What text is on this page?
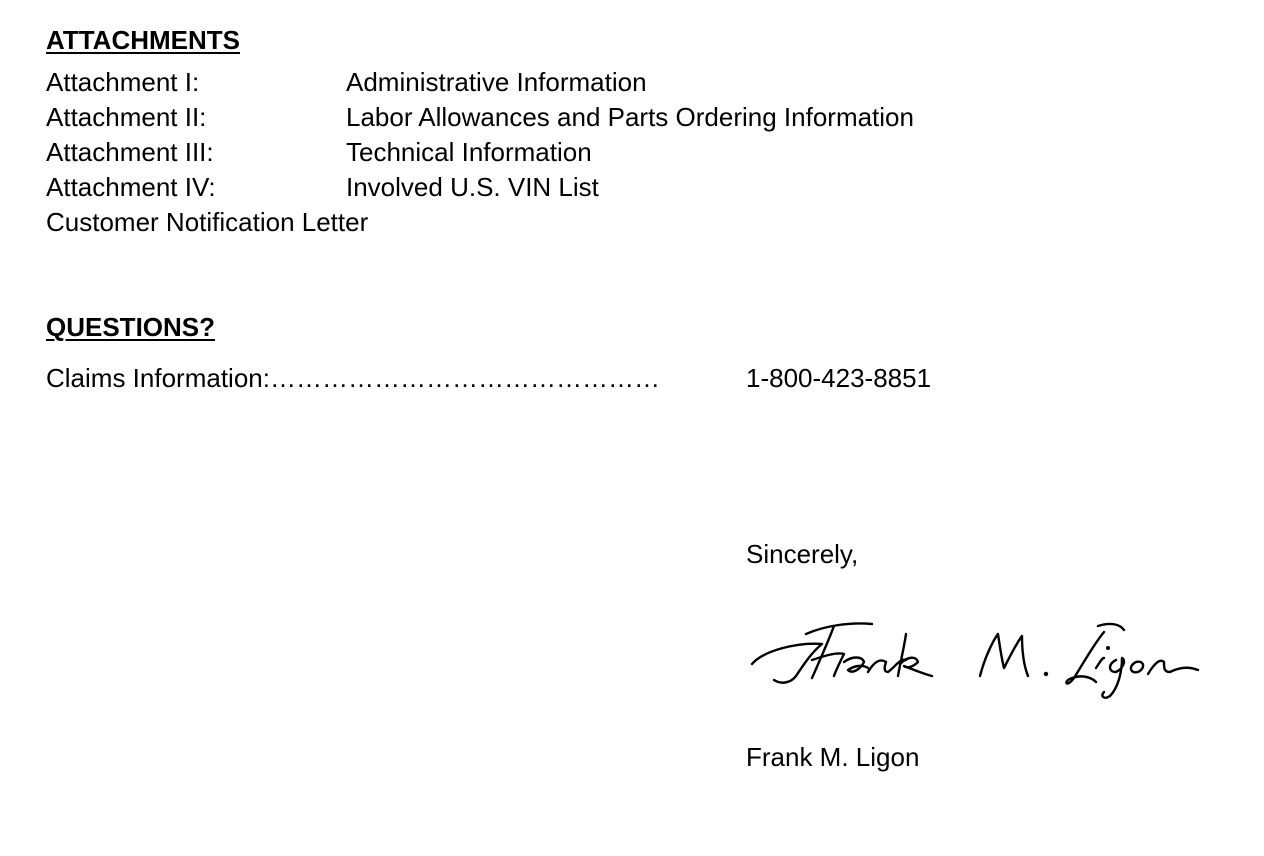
ATTACHMENTS
Attachment I:	Administrative Information
Attachment II:	Labor Allowances and Parts Ordering Information
Attachment III:	Technical Information
Attachment IV:	Involved U.S. VIN List
Customer Notification Letter
QUESTIONS?
Claims Information:………………………………………	1-800-423-8851
Sincerely,
Frank M. Ligon
